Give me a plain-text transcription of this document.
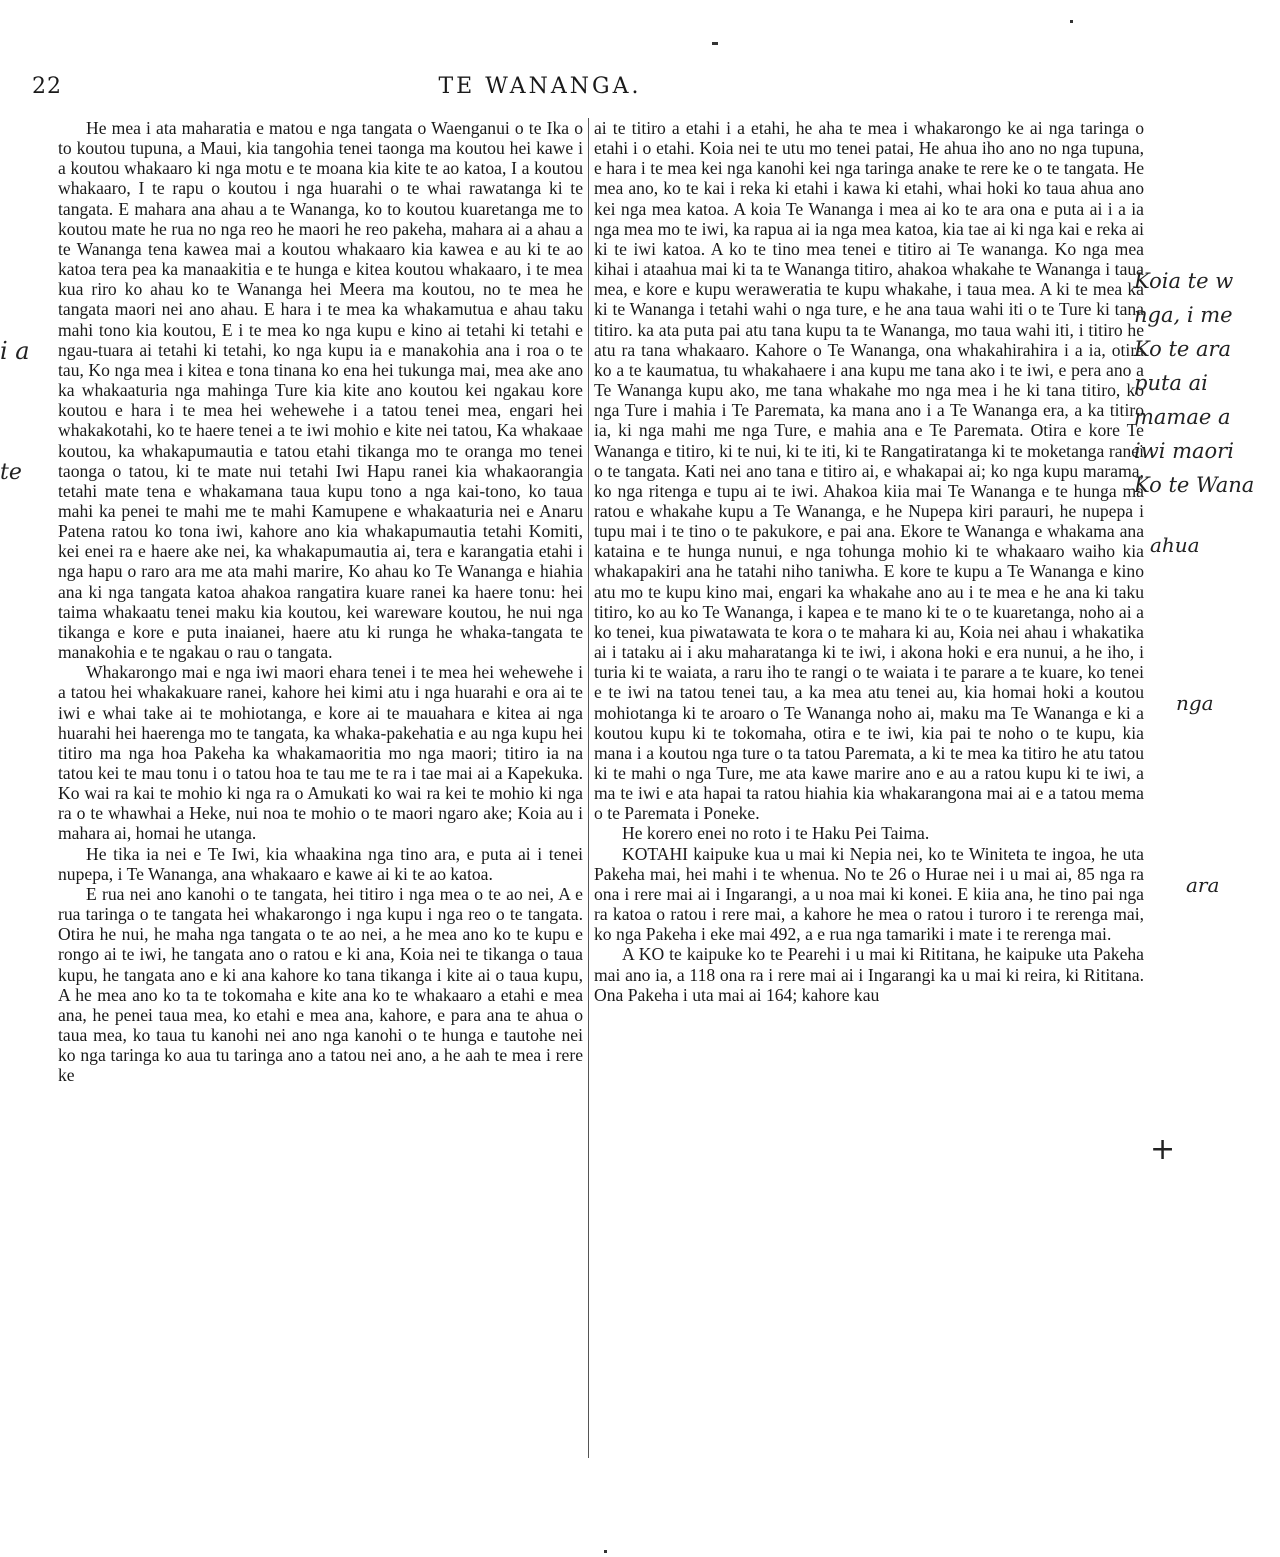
22	TE WANANGA.

He mea i ata maharatia e matou e nga tangata o Waenganui o te Ika o to koutou tupuna, a Maui, kia tangohia tenei taonga ma koutou hei kawe i a koutou whakaaro ki nga motu e te moana kia kite te ao katoa, I a koutou whakaaro, I te rapu o koutou i nga huarahi o te whai rawatanga ki te tangata. E mahara ana ahau a te Wananga, ko to koutou kuaretanga me to koutou mate he rua no nga reo he maori he reo pakeha, mahara ai a ahau a te Wananga tena kawea mai a koutou whakaaro kia kawea e au ki te ao katoa tera pea ka manaakitia e te hunga e kitea koutou whakaaro, i te mea kua riro ko ahau ko te Wananga hei Meera ma koutou, no te mea he tangata maori nei ano ahau. E hara i te mea ka whakamutua e ahau taku mahi tono kia koutou, E i te mea ko nga kupu e kino ai tetahi ki tetahi e ngau-tuara ai tetahi ki tetahi, ko nga kupu ia e manakohia ana i roa o te tau, Ko nga mea i kitea e tona tinana ko ena hei tukunga mai, mea ake ano ka whakaaturia nga mahinga Ture kia kite ano koutou kei ngakau kore koutou e hara i te mea hei wehewehe i a tatou tenei mea, engari hei whakakotahi, ko te haere tenei a te iwi mohio e kite nei tatou, Ka whakaae koutou, ka whakapumautia e tatou etahi tikanga mo te oranga mo tenei taonga o tatou, ki te mate nui tetahi Iwi Hapu ranei kia whakaorangia tetahi mate tena e whakamana taua kupu tono a nga kai-tono, ko taua mahi ka penei te mahi me te mahi Kamupene e whakaaturia nei e Anaru Patena ratou ko tona iwi, kahore ano kia whakapumautia tetahi Komiti, kei enei ra e haere ake nei, ka whakapumautia ai, tera e karangatia etahi i nga hapu o raro ara me ata mahi marire, Ko ahau ko Te Wananga e hiahia ana ki nga tangata katoa ahakoa rangatira kuare ranei ka haere tonu: hei taima whakaatu tenei maku kia koutou, kei wareware koutou, he nui nga tikanga e kore e puta inaianei, haere atu ki runga he whaka-tangata te manakohia e te ngakau o rau o tangata.

Whakarongo mai e nga iwi maori ehara tenei i te mea hei wehewehe i a tatou hei whakakuare ranei, kahore hei kimi atu i nga huarahi e ora ai te iwi e whai take ai te mohiotanga, e kore ai te mauahara e kitea ai nga huarahi hei haerenga mo te tangata, ka whaka-pakehatia e au nga kupu hei titiro ma nga hoa Pakeha ka whakamaoritia mo nga maori; titiro ia na tatou kei te mau tonu i o tatou hoa te tau me te ra i tae mai ai a Kapekuka. Ko wai ra kai te mohio ki nga ra o Amukati ko wai ra kei te mohio ki nga ra o te whawhai a Heke, nui noa te mohio o te maori ngaro ake; Koia au i mahara ai, homai he utanga.

He tika ia nei e Te Iwi, kia whaakina nga tino ara, e puta ai i tenei nupepa, i Te Wananga, ana whakaaro e kawe ai ki te ao katoa.

E rua nei ano kanohi o te tangata, hei titiro i nga mea o te ao nei, A e rua taringa o te tangata hei whakarongo i nga kupu i nga reo o te tangata. Otira he nui, he maha nga tangata o te ao nei, a he mea ano ko te kupu e rongo ai te iwi, he tangata ano o ratou e ki ana, Koia nei te tikanga o taua kupu, he tangata ano e ki ana kahore ko tana tikanga i kite ai o taua kupu, A he mea ano ko ta te tokomaha e kite ana ko te whakaaro a etahi e mea ana, he penei taua mea, ko etahi e mea ana, kahore, e para ana te ahua o taua mea, ko taua tu kanohi nei ano nga kanohi o te hunga e tautohe nei ko nga taringa ko aua tu taringa ano a tatou nei ano, a he aah te mea i rere ke

ai te titiro a etahi i a etahi, he aha te mea i whakarongo ke ai nga taringa o etahi i o etahi. Koia nei te utu mo tenei patai, He ahua iho ano no nga tupuna, e hara i te mea kei nga kanohi kei nga taringa anake te rere ke o te tangata. He mea ano, ko te kai i reka ki etahi i kawa ki etahi, whai hoki ko taua ahua ano kei nga mea katoa. A koia Te Wananga i mea ai ko te ara ona e puta ai i a ia nga mea mo te iwi, ka rapua ai ia nga mea katoa, kia tae ai ki nga kai e reka ai ki te iwi katoa. A ko te tino mea tenei e titiro ai Te wananga. Ko nga mea kihai i ataahua mai ki ta te Wananga titiro, ahakoa whakahe te Wananga i taua mea, e kore e kupu weraweratia te kupu whakahe, i taua mea. A ki te mea ka ki te Wananga i tetahi wahi o nga ture, e he ana taua wahi iti o te Ture ki tana titiro. ka ata puta pai atu tana kupu ta te Wananga, mo taua wahi iti, i titiro he atu ra tana whakaaro. Kahore o Te Wananga, ona whakahirahira i a ia, otira ko a te kaumatua, tu whakahaere i ana kupu me tana ako i te iwi, e pera ano a Te Wananga kupu ako, me tana whakahe mo nga mea i he ki tana titiro, ko nga Ture i mahia i Te Paremata, ka mana ano i a Te Wananga era, a ka titiro ia, ki nga mahi me nga Ture, e mahia ana e Te Paremata. Otira e kore Te Wananga e titiro, ki te nui, ki te iti, ki te Rangatiratanga ki te moketanga ranei o te tangata. Kati nei ano tana e titiro ai, e whakapai ai; ko nga kupu marama, ko nga ritenga e tupu ai te iwi. Ahakoa kiia mai Te Wananga e te hunga ma ratou e whakahe kupu a Te Wananga, e he Nupepa kiri parauri, he nupepa i tupu mai i te tino o te pakukore, e pai ana. Ekore te Wananga e whakama ana kataina e te hunga nunui, e nga tohunga mohio ki te whakaaro waiho kia whakapakiri ana he tatahi niho taniwha. E kore te kupu a Te Wananga e kino atu mo te kupu kino mai, engari ka whakahe ano au i te mea e he ana ki taku titiro, ko au ko Te Wananga, i kapea e te mano ki te o te kuaretanga, noho ai a ko tenei, kua piwatawata te kora o te mahara ki au, Koia nei ahau i whakatika ai i tataku ai i aku maharatanga ki te iwi, i akona hoki e era nunui, a he iho, i turia ki te waiata, a raru iho te rangi o te waiata i te parare a te kuare, ko tenei e te iwi na tatou tenei tau, a ka mea atu tenei au, kia homai hoki a koutou mohiotanga ki te aroaro o Te Wananga noho ai, maku ma Te Wananga e ki a koutou kupu ki te tokomaha, otira e te iwi, kia pai te noho o te kupu, kia mana i a koutou nga ture o ta tatou Paremata, a ki te mea ka titiro he atu tatou ki te mahi o nga Ture, me ata kawe marire ano e au a ratou kupu ki te iwi, a ma te iwi e ata hapai ta ratou hiahia kia whakarangona mai ai e a tatou mema o te Paremata i Poneke.

He korero enei no roto i te Haku Pei Taima.

KOTAHI kaipuke kua u mai ki Nepia nei, ko te Winiteta te ingoa, he uta Pakeha mai, hei mahi i te whenua. No te 26 o Hurae nei i u mai ai, 85 nga ra ona i rere mai ai i Ingarangi, a u noa mai ki konei. E kiia ana, he tino pai nga ra katoa o ratou i rere mai, a kahore he mea o ratou i turoro i te rerenga mai, ko nga Pakeha i eke mai 492, a e rua nga tamariki i mate i te rerenga mai.

A KO te kaipuke ko te Pearehi i u mai ki Rititana, he kaipuke uta Pakeha mai ano ia, a 118 ona ra i rere mai ai i Ingarangi ka u mai ki reira, ki Rititana. Ona Pakeha i uta mai ai 164; kahore kau

Koia te w
nga, i me
Ko te ara
puta ai
mamae a
iwi maori
Ko te Wana
ahua
nga
ara
i a
te
+
